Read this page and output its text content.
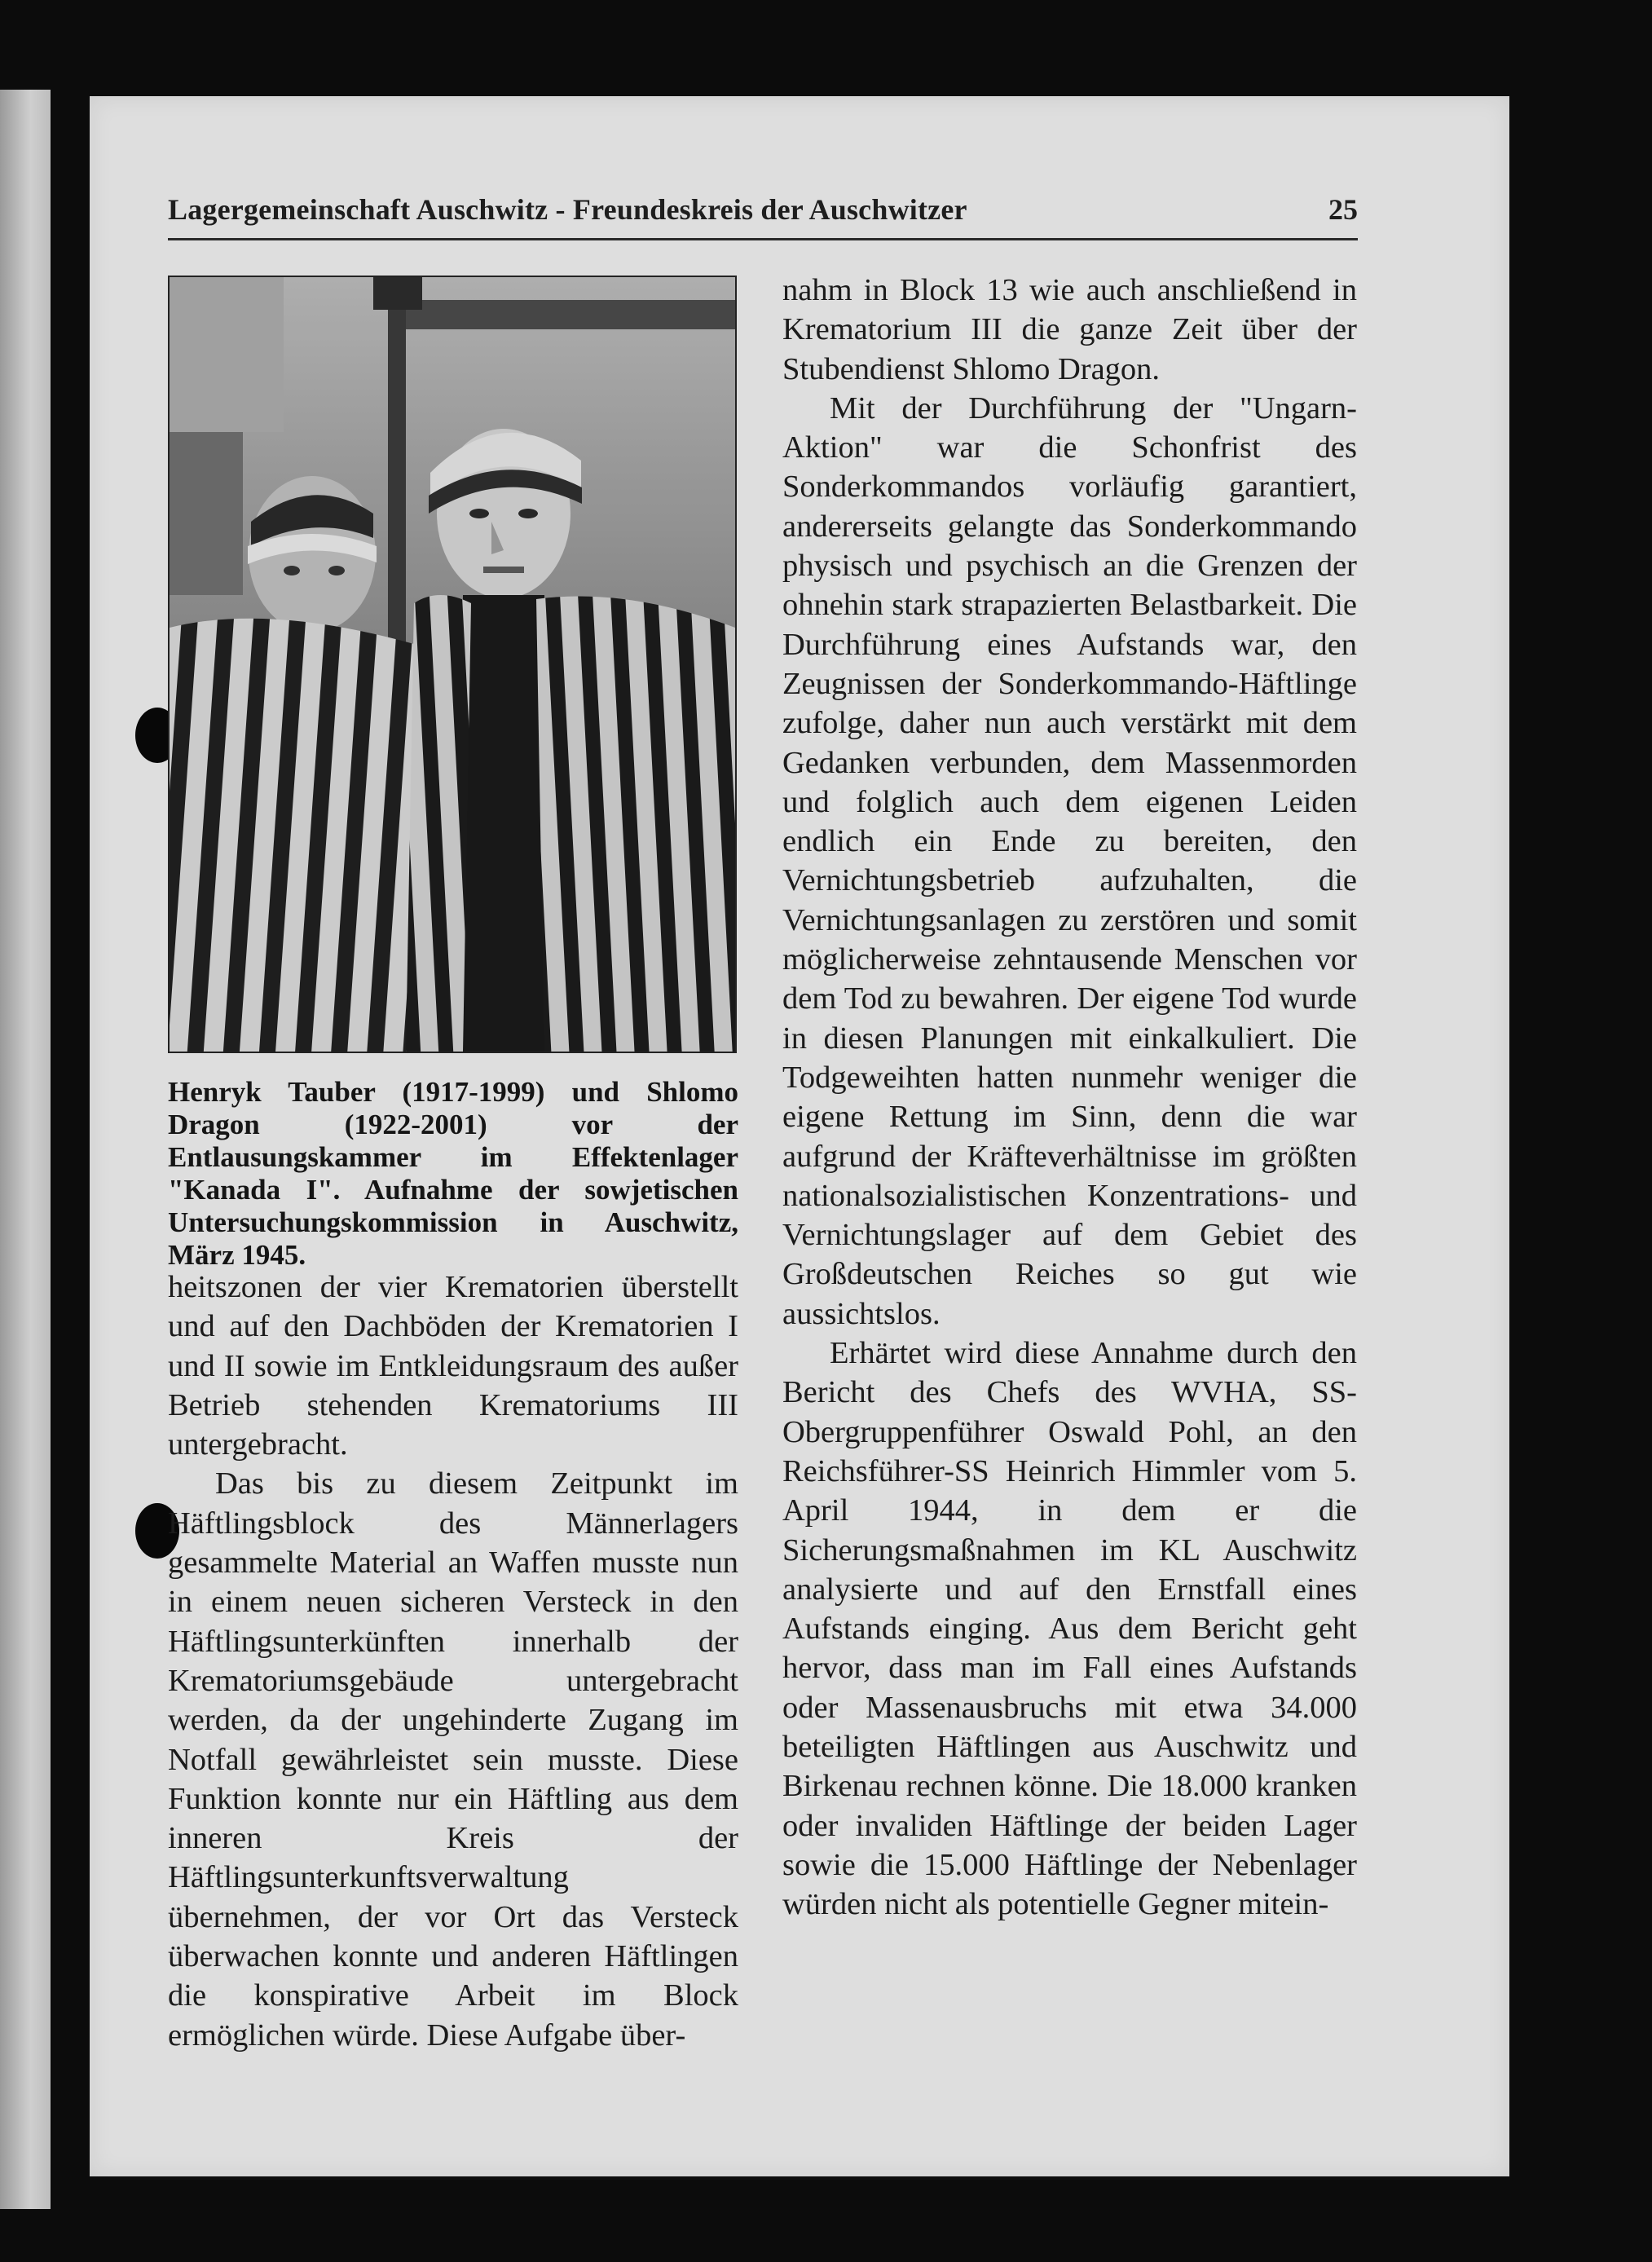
Lagergemeinschaft Auschwitz - Freundeskreis der Auschwitzer	25
Henryk Tauber (1917-1999) und Shlomo Dragon (1922-2001) vor der Entlausungskammer im Effektenlager "Kanada I". Aufnahme der sowjetischen Untersuchungskommission in Auschwitz, März 1945.

heitszonen der vier Krematorien überstellt und auf den Dachböden der Krematorien I und II sowie im Entkleidungsraum des außer Betrieb stehenden Krematoriums III untergebracht.

Das bis zu diesem Zeitpunkt im Häftlingsblock des Männerlagers gesammelte Material an Waffen musste nun in einem neuen sicheren Versteck in den Häftlingsunterkünften innerhalb der Krematoriumsgebäude untergebracht werden, da der ungehinderte Zugang im Notfall gewährleistet sein musste. Diese Funktion konnte nur ein Häftling aus dem inneren Kreis der Häftlingsunterkunftsverwaltung übernehmen, der vor Ort das Versteck überwachen konnte und anderen Häftlingen die konspirative Arbeit im Block ermöglichen würde. Diese Aufgabe über-

nahm in Block 13 wie auch anschließend in Krematorium III die ganze Zeit über der Stubendienst Shlomo Dragon.

Mit der Durchführung der "Ungarn-Aktion" war die Schonfrist des Sonderkommandos vorläufig garantiert, andererseits gelangte das Sonderkommando physisch und psychisch an die Grenzen der ohnehin stark strapazierten Belastbarkeit. Die Durchführung eines Aufstands war, den Zeugnissen der Sonderkommando-Häftlinge zufolge, daher nun auch verstärkt mit dem Gedanken verbunden, dem Massenmorden und folglich auch dem eigenen Leiden endlich ein Ende zu bereiten, den Vernichtungsbetrieb aufzuhalten, die Vernichtungsanlagen zu zerstören und somit möglicherweise zehntausende Menschen vor dem Tod zu bewahren. Der eigene Tod wurde in diesen Planungen mit einkalkuliert. Die Todgeweihten hatten nunmehr weniger die eigene Rettung im Sinn, denn die war aufgrund der Kräfteverhältnisse im größten nationalsozialistischen Konzentrations- und Vernichtungslager auf dem Gebiet des Großdeutschen Reiches so gut wie aussichtslos.

Erhärtet wird diese Annahme durch den Bericht des Chefs des WVHA, SS-Obergruppenführer Oswald Pohl, an den Reichsführer-SS Heinrich Himmler vom 5. April 1944, in dem er die Sicherungsmaßnahmen im KL Auschwitz analysierte und auf den Ernstfall eines Aufstands einging. Aus dem Bericht geht hervor, dass man im Fall eines Aufstands oder Massenausbruchs mit etwa 34.000 beteiligten Häftlingen aus Auschwitz und Birkenau rechnen könne. Die 18.000 kranken oder invaliden Häftlinge der beiden Lager sowie die 15.000 Häftlinge der Nebenlager würden nicht als potentielle Gegner mitein-
